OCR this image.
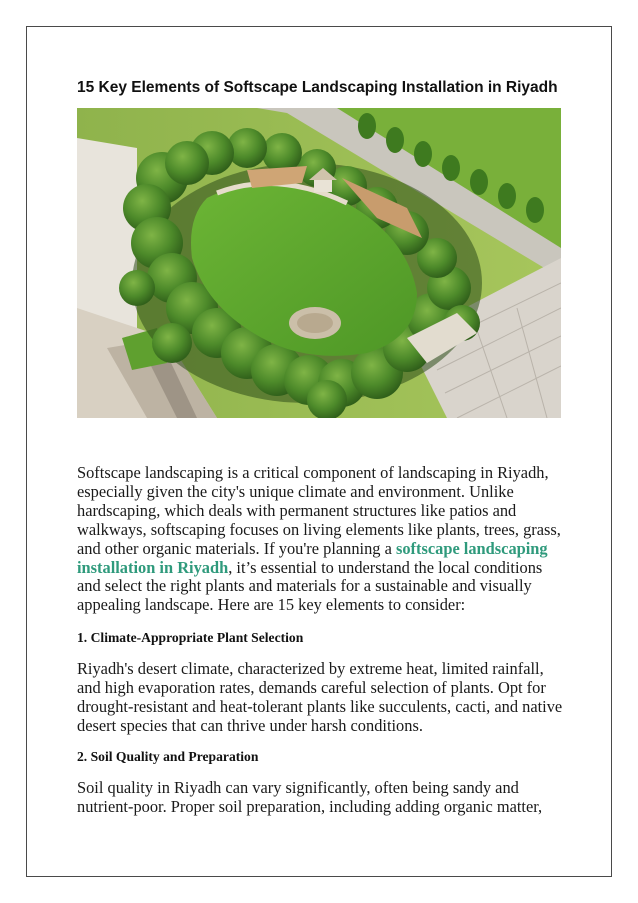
15 Key Elements of Softscape Landscaping Installation in Riyadh

Softscape landscaping is a critical component of landscaping in Riyadh, especially given the city's unique climate and environment. Unlike hardscaping, which deals with permanent structures like patios and walkways, softscaping focuses on living elements like plants, trees, grass, and other organic materials. If you're planning a softscape landscaping installation in Riyadh, it’s essential to understand the local conditions and select the right plants and materials for a sustainable and visually appealing landscape. Here are 15 key elements to consider:

1. Climate-Appropriate Plant Selection

Riyadh's desert climate, characterized by extreme heat, limited rainfall, and high evaporation rates, demands careful selection of plants. Opt for drought-resistant and heat-tolerant plants like succulents, cacti, and native desert species that can thrive under harsh conditions.

2. Soil Quality and Preparation

Soil quality in Riyadh can vary significantly, often being sandy and nutrient-poor. Proper soil preparation, including adding organic matter,
